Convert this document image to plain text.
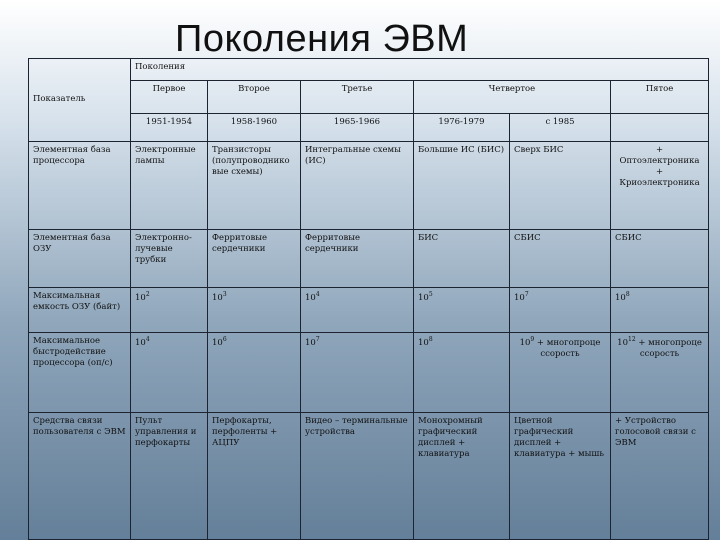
Поколения ЭВМ
Показатель	Поколения					
	Первое	Второе	Третье	Четвертое		Пятое
	1951-1954	1958-1960	1965-1966	1976-1979	с 1985	
Элементная база процессора	Электронные лампы	Транзисторы (полупроводнико вые схемы)	Интегральные схемы (ИС)	Большие ИС (БИС)	Сверх БИС	+ Оптоэлектроника + Криоэлектроника
Элементная база ОЗУ	Электронно-лучевые трубки	Ферритовые сердечники	Ферритовые сердечники	БИС	СБИС	СБИС
Максимальная емкость ОЗУ (байт)	$10^2$	$10^3$	$10^4$	$10^5$	$10^7$	$10^8$
Максимальное быстродействие процессора (оп/с)	$10^4$	$10^6$	$10^7$	$10^8$	$10^9$ + многопроце ссорость	$10^{12}$ + многопроце ссорость
Средства связи пользователя с ЭВМ	Пульт управления и перфокарты	Перфокарты, перфоленты + АЦПУ	Видео – терминальные устройства	Монохромный графический дисплей + клавиатура	Цветной графический дисплей + клавиатура + мышь	+ Устройство голосовой связи с ЭВМ
